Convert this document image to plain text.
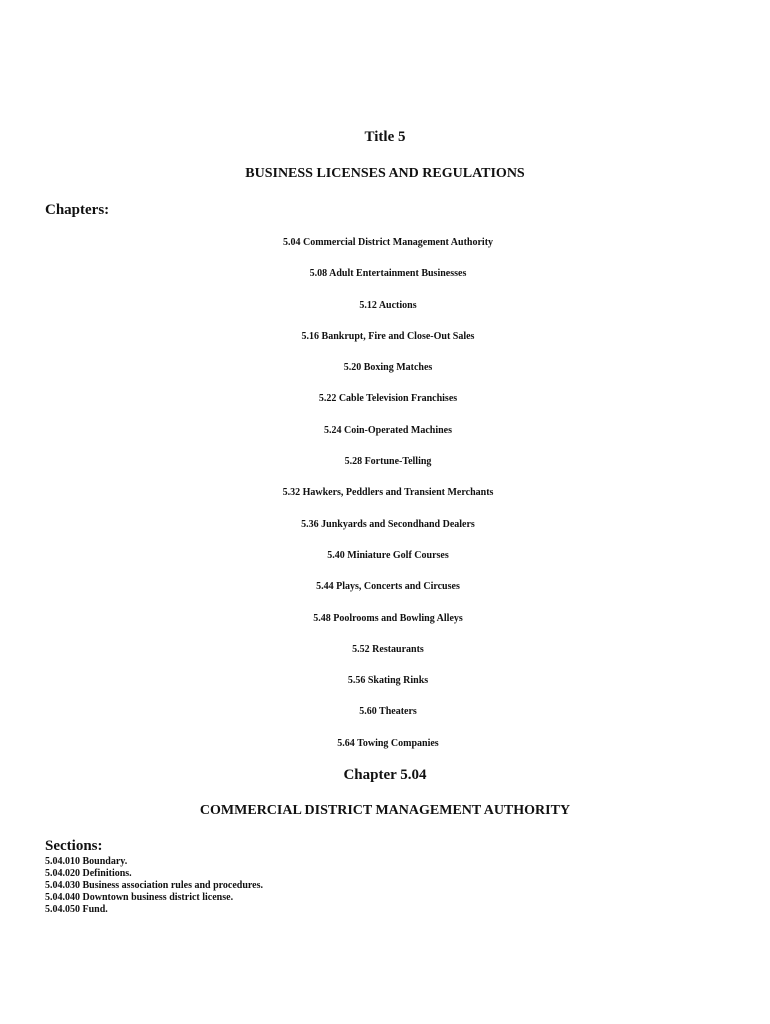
Title 5
BUSINESS LICENSES AND REGULATIONS
Chapters:
5.04 Commercial District Management Authority
5.08 Adult Entertainment Businesses
5.12 Auctions
5.16 Bankrupt, Fire and Close-Out Sales
5.20 Boxing Matches
5.22 Cable Television Franchises
5.24 Coin-Operated Machines
5.28 Fortune-Telling
5.32 Hawkers, Peddlers and Transient Merchants
5.36 Junkyards and Secondhand Dealers
5.40 Miniature Golf Courses
5.44 Plays, Concerts and Circuses
5.48 Poolrooms and Bowling Alleys
5.52 Restaurants
5.56 Skating Rinks
5.60 Theaters
5.64 Towing Companies
Chapter 5.04
COMMERCIAL DISTRICT MANAGEMENT AUTHORITY
Sections:
5.04.010 Boundary.
5.04.020 Definitions.
5.04.030 Business association rules and procedures.
5.04.040 Downtown business district license.
5.04.050 Fund.
